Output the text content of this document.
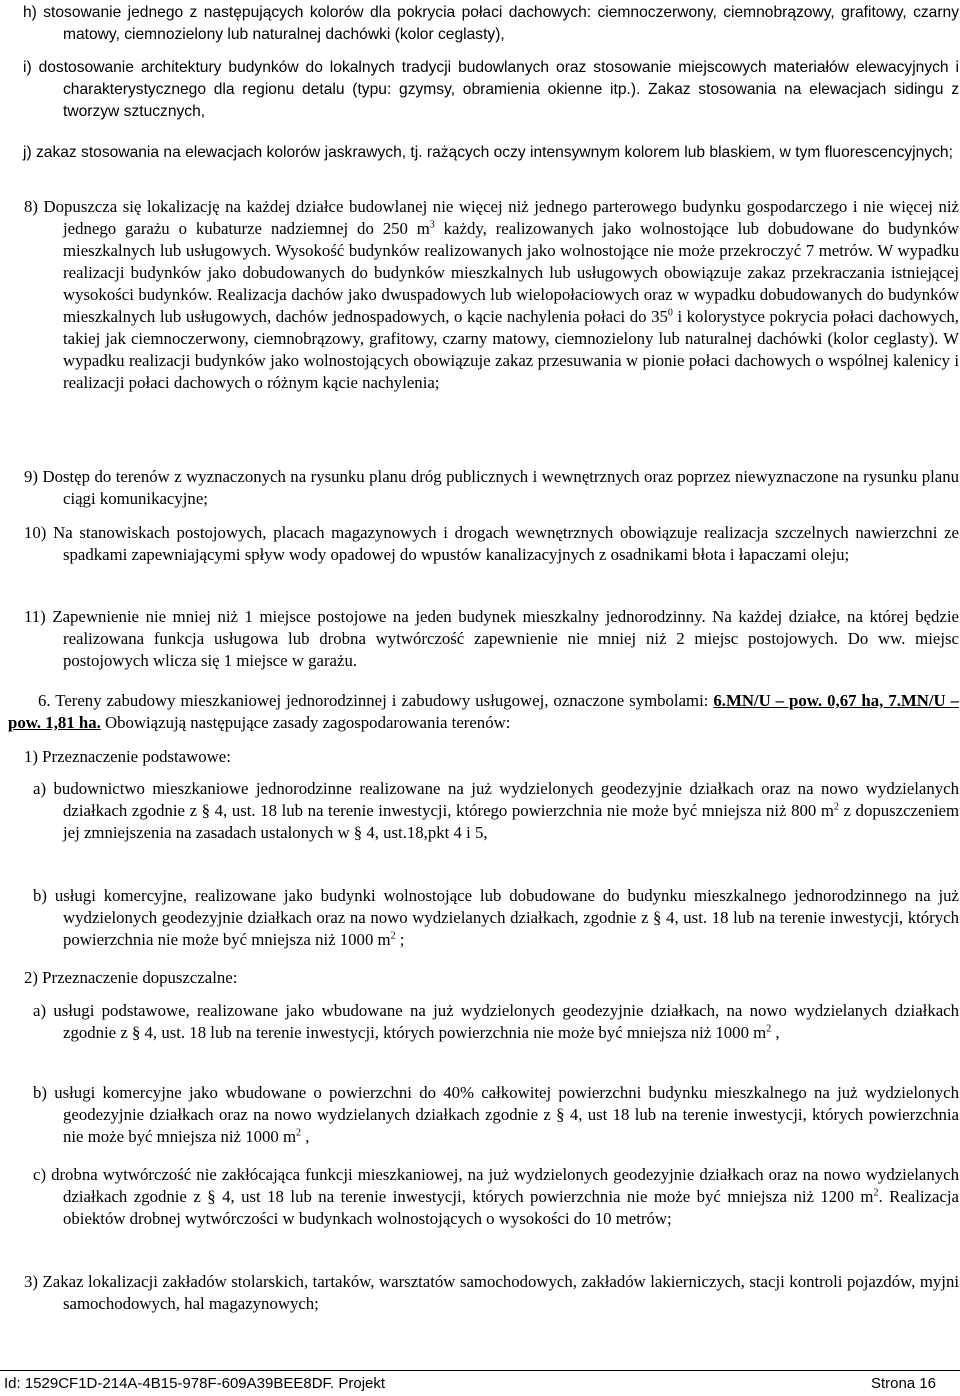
h) stosowanie jednego z następujących kolorów dla pokrycia połaci dachowych: ciemnoczerwony, ciemnobrązowy, grafitowy, czarny matowy, ciemnozielony lub naturalnej dachówki (kolor ceglasty),
i) dostosowanie architektury budynków do lokalnych tradycji budowlanych oraz stosowanie miejscowych materiałów elewacyjnych i charakterystycznego dla regionu detalu (typu: gzymsy, obramienia okienne itp.). Zakaz stosowania na elewacjach sidingu z tworzyw sztucznych,
j) zakaz stosowania na elewacjach kolorów jaskrawych, tj. rażących oczy intensywnym kolorem lub blaskiem, w tym fluorescencyjnych;
8) Dopuszcza się lokalizację na każdej działce budowlanej nie więcej niż jednego parterowego budynku gospodarczego i nie więcej niż jednego garażu o kubaturze nadziemnej do 250 $m^3$ każdy, realizowanych jako wolnostojące lub dobudowane do budynków mieszkalnych lub usługowych. Wysokość budynków realizowanych jako wolnostojące nie może przekroczyć 7 metrów. W wypadku realizacji budynków jako dobudowanych do budynków mieszkalnych lub usługowych obowiązuje zakaz przekraczania istniejącej wysokości budynków. Realizacja dachów jako dwuspadowych lub wielopołaciowych oraz w wypadku dobudowanych do budynków mieszkalnych lub usługowych, dachów jednospadowych, o kącie nachylenia połaci do $35^0$ i kolorystyce pokrycia połaci dachowych, takiej jak ciemnoczerwony, ciemnobrązowy, grafitowy, czarny matowy, ciemnozielony lub naturalnej dachówki (kolor ceglasty). W wypadku realizacji budynków jako wolnostojących obowiązuje zakaz przesuwania w pionie połaci dachowych o wspólnej kalenicy i realizacji połaci dachowych o różnym kącie nachylenia;
9) Dostęp do terenów z wyznaczonych na rysunku planu dróg publicznych i wewnętrznych oraz poprzez niewyznaczone na rysunku planu ciągi komunikacyjne;
10) Na stanowiskach postojowych, placach magazynowych i drogach wewnętrznych obowiązuje realizacja szczelnych nawierzchni ze spadkami zapewniającymi spływ wody opadowej do wpustów kanalizacyjnych z osadnikami błota i łapaczami oleju;
11) Zapewnienie nie mniej niż 1 miejsce postojowe na jeden budynek mieszkalny jednorodzinny. Na każdej działce, na której będzie realizowana funkcja usługowa lub drobna wytwórczość zapewnienie nie mniej niż 2 miejsc postojowych. Do ww. miejsc postojowych wlicza się 1 miejsce w garażu.
6. Tereny zabudowy mieszkaniowej jednorodzinnej i zabudowy usługowej, oznaczone symbolami: 6.MN/U – pow. 0,67 ha, 7.MN/U – pow. 1,81 ha. Obowiązują następujące zasady zagospodarowania terenów:
1) Przeznaczenie podstawowe:
a) budownictwo mieszkaniowe jednorodzinne realizowane na już wydzielonych geodezyjnie działkach oraz na nowo wydzielanych działkach zgodnie z § 4, ust. 18 lub na terenie inwestycji, którego powierzchnia nie może być mniejsza niż 800 $m^2$ z dopuszczeniem jej zmniejszenia na zasadach ustalonych w § 4, ust.18,pkt 4 i 5,
b) usługi komercyjne, realizowane jako budynki wolnostojące lub dobudowane do budynku mieszkalnego jednorodzinnego na już wydzielonych geodezyjnie działkach oraz na nowo wydzielanych działkach, zgodnie z § 4, ust. 18 lub na terenie inwestycji, których powierzchnia nie może być mniejsza niż 1000 $m^2$ ;
2) Przeznaczenie dopuszczalne:
a) usługi podstawowe, realizowane jako wbudowane na już wydzielonych geodezyjnie działkach, na nowo wydzielanych działkach zgodnie z § 4, ust. 18 lub na terenie inwestycji, których powierzchnia nie może być mniejsza niż 1000 $m^2$ ,
b) usługi komercyjne jako wbudowane o powierzchni do 40% całkowitej powierzchni budynku mieszkalnego na już wydzielonych geodezyjnie działkach oraz na nowo wydzielanych działkach zgodnie z § 4, ust 18 lub na terenie inwestycji, których powierzchnia nie może być mniejsza niż 1000 $m^2$ ,
c) drobna wytwórczość nie zakłócająca funkcji mieszkaniowej, na już wydzielonych geodezyjnie działkach oraz na nowo wydzielanych działkach zgodnie z § 4, ust 18 lub na terenie inwestycji, których powierzchnia nie może być mniejsza niż 1200 $m^2$. Realizacja obiektów drobnej wytwórczości w budynkach wolnostojących o wysokości do 10 metrów;
3) Zakaz lokalizacji zakładów stolarskich, tartaków, warsztatów samochodowych, zakładów lakierniczych, stacji kontroli pojazdów, myjni samochodowych, hal magazynowych;
Id: 1529CF1D-214A-4B15-978F-609A39BEE8DF. Projekt	Strona 16
